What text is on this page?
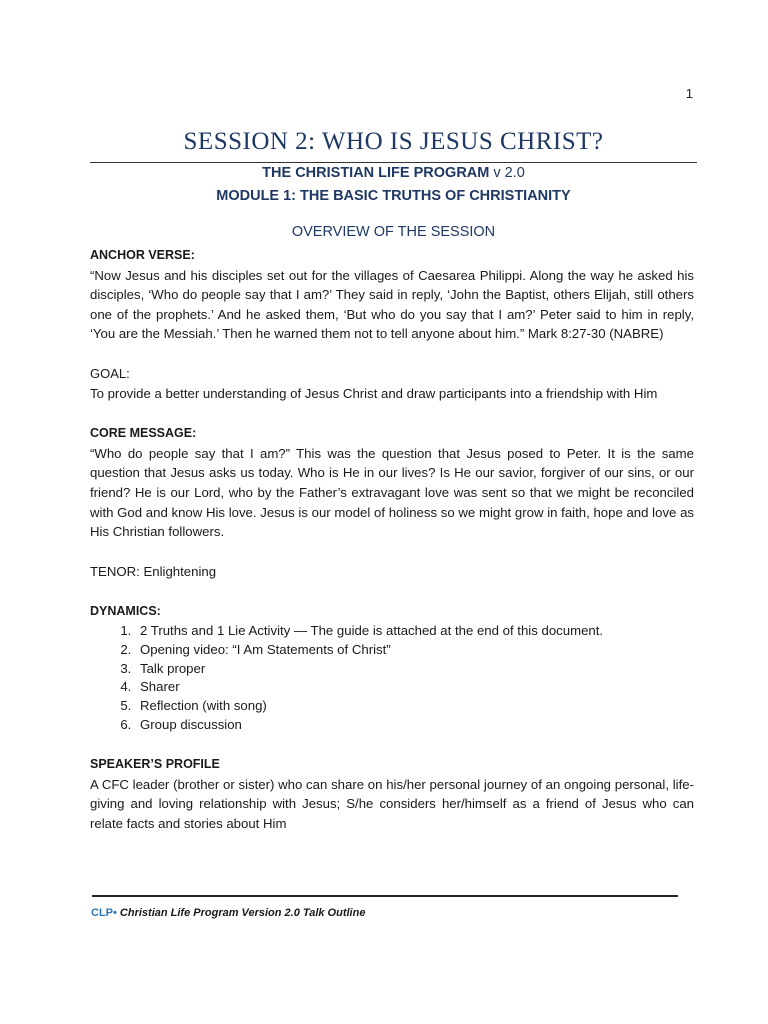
1
SESSION 2: WHO IS JESUS CHRIST?
THE CHRISTIAN LIFE PROGRAM v 2.0
MODULE 1: THE BASIC TRUTHS OF CHRISTIANITY
OVERVIEW OF THE SESSION

ANCHOR VERSE:

“Now Jesus and his disciples set out for the villages of Caesarea Philippi. Along the way he asked his disciples, ‘Who do people say that I am?’ They said in reply, ‘John the Baptist, others Elijah, still others one of the prophets.’ And he asked them, ‘But who do you say that I am?’ Peter said to him in reply, ‘You are the Messiah.’ Then he warned them not to tell anyone about him.” Mark 8:27-30 (NABRE)

GOAL:

To provide a better understanding of Jesus Christ and draw participants into a friendship with Him

CORE MESSAGE:

“Who do people say that I am?” This was the question that Jesus posed to Peter. It is the same question that Jesus asks us today. Who is He in our lives? Is He our savior, forgiver of our sins, or our friend? He is our Lord, who by the Father’s extravagant love was sent so that we might be reconciled with God and know His love. Jesus is our model of holiness so we might grow in faith, hope and love as His Christian followers.

TENOR: Enlightening

DYNAMICS:

1. 2 Truths and 1 Lie Activity — The guide is attached at the end of this document.
2. Opening video: “I Am Statements of Christ”
3. Talk proper
4. Sharer
5. Reflection (with song)
6. Group discussion

SPEAKER’S PROFILE

A CFC leader (brother or sister) who can share on his/her personal journey of an ongoing personal, life-giving and loving relationship with Jesus; S/he considers her/himself as a friend of Jesus who can relate facts and stories about Him

CLP• Christian Life Program Version 2.0 Talk Outline
